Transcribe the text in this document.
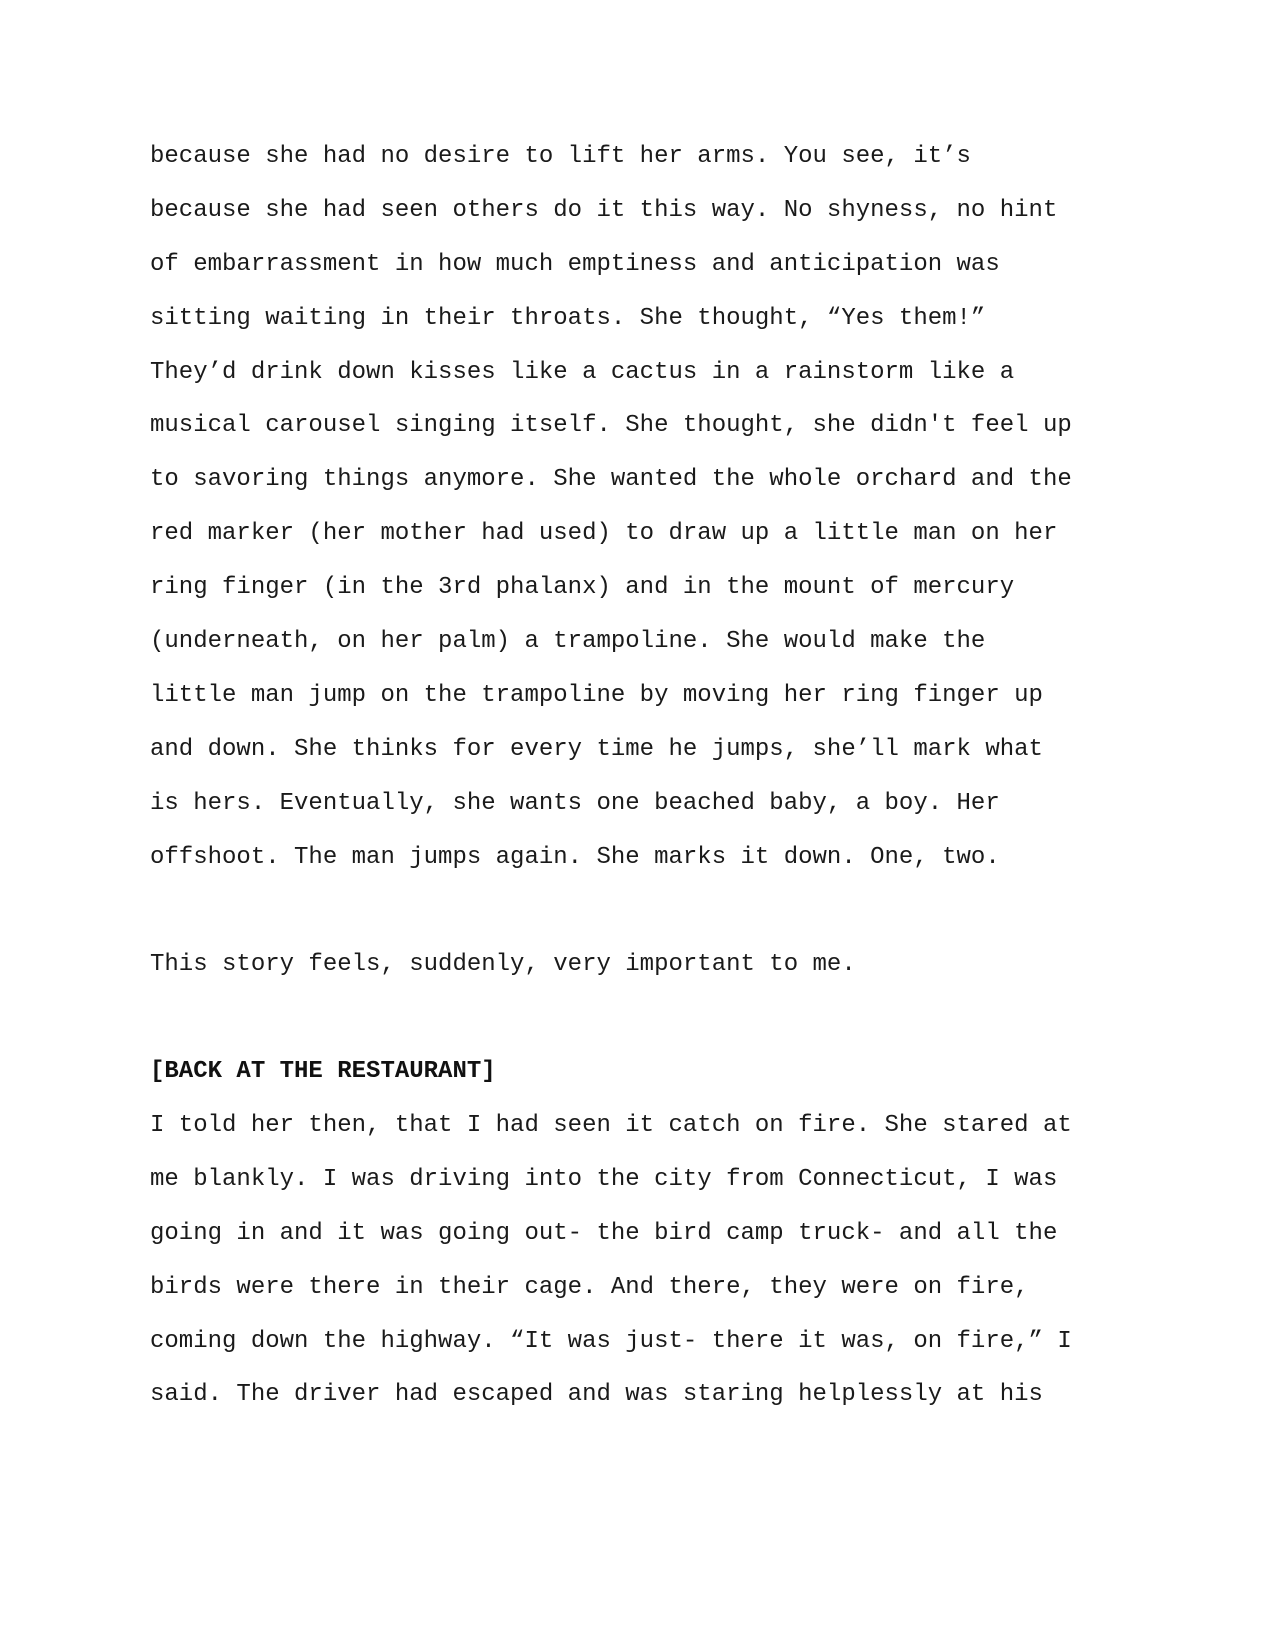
because she had no desire to lift her arms. You see, it’s
because she had seen others do it this way. No shyness, no hint
of embarrassment in how much emptiness and anticipation was
sitting waiting in their throats. She thought, “Yes them!”
They’d drink down kisses like a cactus in a rainstorm like a
musical carousel singing itself. She thought, she didn't feel up
to savoring things anymore. She wanted the whole orchard and the
red marker (her mother had used) to draw up a little man on her
ring finger (in the 3rd phalanx) and in the mount of mercury
(underneath, on her palm) a trampoline. She would make the
little man jump on the trampoline by moving her ring finger up
and down. She thinks for every time he jumps, she’ll mark what
is hers. Eventually, she wants one beached baby, a boy. Her
offshoot. The man jumps again. She marks it down. One, two.
This story feels, suddenly, very important to me.
[BACK AT THE RESTAURANT]
I told her then, that I had seen it catch on fire. She stared at
me blankly. I was driving into the city from Connecticut, I was
going in and it was going out- the bird camp truck- and all the
birds were there in their cage. And there, they were on fire,
coming down the highway. “It was just- there it was, on fire,” I
said. The driver had escaped and was staring helplessly at his
